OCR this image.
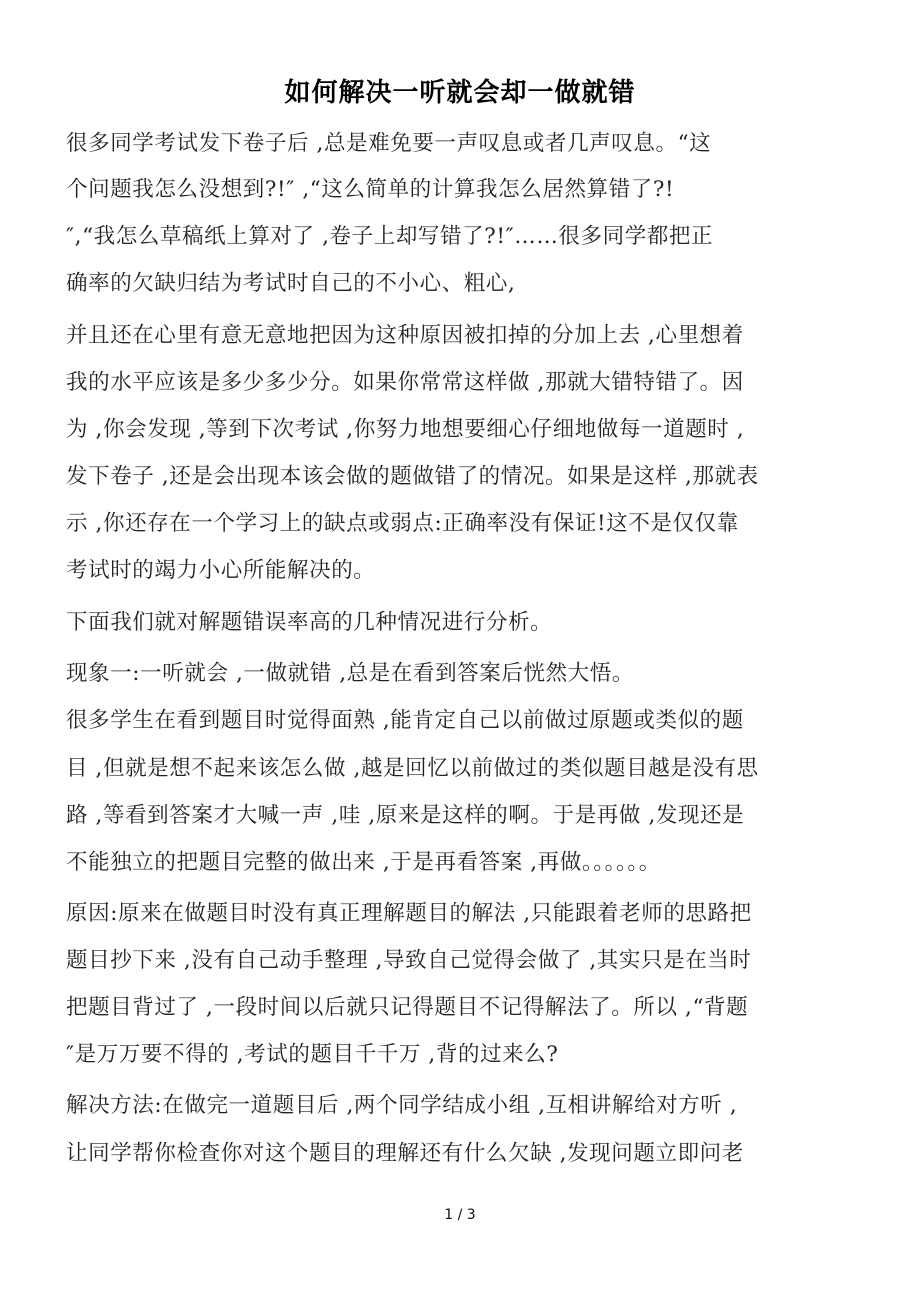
如何解决一听就会却一做就错
很多同学考试发下卷子后 ,总是难免要一声叹息或者几声叹息。“这
个问题我怎么没想到?!″ ,“这么简单的计算我怎么居然算错了?!
″,“我怎么草稿纸上算对了 ,卷子上却写错了?!″……很多同学都把正
确率的欠缺归结为考试时自己的不小心、粗心,
并且还在心里有意无意地把因为这种原因被扣掉的分加上去 ,心里想着
我的水平应该是多少多少分。如果你常常这样做 ,那就大错特错了。因
为 ,你会发现 ,等到下次考试 ,你努力地想要细心仔细地做每一道题时 ,
发下卷子 ,还是会出现本该会做的题做错了的情况。如果是这样 ,那就表
示 ,你还存在一个学习上的缺点或弱点:正确率没有保证!这不是仅仅靠
考试时的竭力小心所能解决的。
下面我们就对解题错误率高的几种情况进行分析。
现象一:一听就会 ,一做就错 ,总是在看到答案后恍然大悟。
很多学生在看到题目时觉得面熟 ,能肯定自己以前做过原题或类似的题
目 ,但就是想不起来该怎么做 ,越是回忆以前做过的类似题目越是没有思
路 ,等看到答案才大喊一声 ,哇 ,原来是这样的啊。于是再做 ,发现还是
不能独立的把题目完整的做出来 ,于是再看答案 ,再做。。。。。。
原因:原来在做题目时没有真正理解题目的解法 ,只能跟着老师的思路把
题目抄下来 ,没有自己动手整理 ,导致自己觉得会做了 ,其实只是在当时
把题目背过了 ,一段时间以后就只记得题目不记得解法了。所以 ,“背题
″是万万要不得的 ,考试的题目千千万 ,背的过来么?
解决方法:在做完一道题目后 ,两个同学结成小组 ,互相讲解给对方听 ,
让同学帮你检查你对这个题目的理解还有什么欠缺 ,发现问题立即问老
1 / 3
